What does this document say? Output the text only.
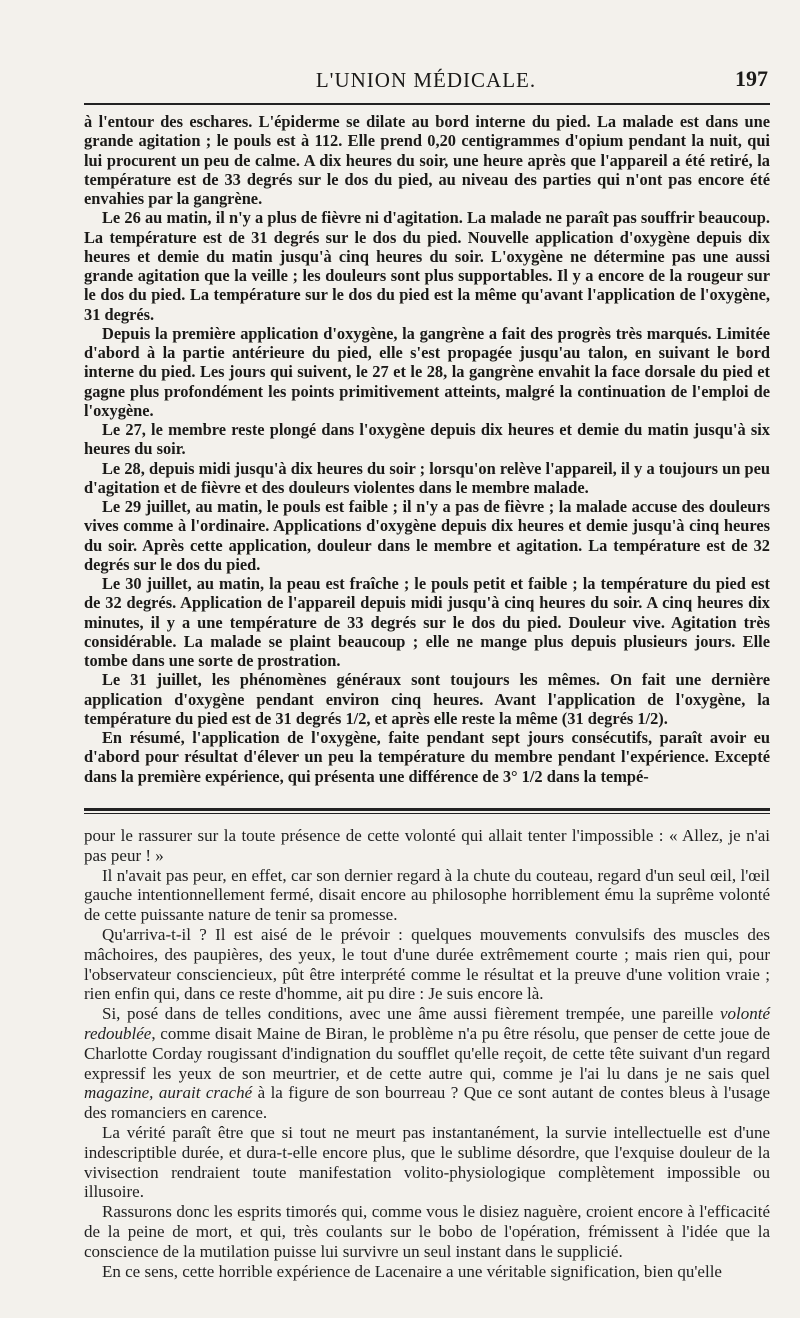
L'UNION MÉDICALE.	197

à l'entour des eschares. L'épiderme se dilate au bord interne du pied. La malade est dans une grande agitation ; le pouls est à 112. Elle prend 0,20 centigrammes d'opium pendant la nuit, qui lui procurent un peu de calme. A dix heures du soir, une heure après que l'appareil a été retiré, la température est de 33 degrés sur le dos du pied, au niveau des parties qui n'ont pas encore été envahies par la gangrène.

Le 26 au matin, il n'y a plus de fièvre ni d'agitation. La malade ne paraît pas souffrir beaucoup. La température est de 31 degrés sur le dos du pied. Nouvelle application d'oxygène depuis dix heures et demie du matin jusqu'à cinq heures du soir. L'oxygène ne détermine pas une aussi grande agitation que la veille ; les douleurs sont plus supportables. Il y a encore de la rougeur sur le dos du pied. La température sur le dos du pied est la même qu'avant l'application de l'oxygène, 31 degrés.

Depuis la première application d'oxygène, la gangrène a fait des progrès très marqués. Limitée d'abord à la partie antérieure du pied, elle s'est propagée jusqu'au talon, en suivant le bord interne du pied. Les jours qui suivent, le 27 et le 28, la gangrène envahit la face dorsale du pied et gagne plus profondément les points primitivement atteints, malgré la continuation de l'emploi de l'oxygène.

Le 27, le membre reste plongé dans l'oxygène depuis dix heures et demie du matin jusqu'à six heures du soir.

Le 28, depuis midi jusqu'à dix heures du soir ; lorsqu'on relève l'appareil, il y a toujours un peu d'agitation et de fièvre et des douleurs violentes dans le membre malade.

Le 29 juillet, au matin, le pouls est faible ; il n'y a pas de fièvre ; la malade accuse des douleurs vives comme à l'ordinaire. Applications d'oxygène depuis dix heures et demie jusqu'à cinq heures du soir. Après cette application, douleur dans le membre et agitation. La température est de 32 degrés sur le dos du pied.

Le 30 juillet, au matin, la peau est fraîche ; le pouls petit et faible ; la température du pied est de 32 degrés. Application de l'appareil depuis midi jusqu'à cinq heures du soir. A cinq heures dix minutes, il y a une température de 33 degrés sur le dos du pied. Douleur vive. Agitation très considérable. La malade se plaint beaucoup ; elle ne mange plus depuis plusieurs jours. Elle tombe dans une sorte de prostration.

Le 31 juillet, les phénomènes généraux sont toujours les mêmes. On fait une dernière application d'oxygène pendant environ cinq heures. Avant l'application de l'oxygène, la température du pied est de 31 degrés 1/2, et après elle reste la même (31 degrés 1/2).

En résumé, l'application de l'oxygène, faite pendant sept jours consécutifs, paraît avoir eu d'abord pour résultat d'élever un peu la température du membre pendant l'expérience. Excepté dans la première expérience, qui présenta une différence de 3° 1/2 dans la tempé-

pour le rassurer sur la toute présence de cette volonté qui allait tenter l'impossible : « Allez, je n'ai pas peur ! »

Il n'avait pas peur, en effet, car son dernier regard à la chute du couteau, regard d'un seul œil, l'œil gauche intentionnellement fermé, disait encore au philosophe horriblement ému la suprême volonté de cette puissante nature de tenir sa promesse.

Qu'arriva-t-il ? Il est aisé de le prévoir : quelques mouvements convulsifs des muscles des mâchoires, des paupières, des yeux, le tout d'une durée extrêmement courte ; mais rien qui, pour l'observateur consciencieux, pût être interprété comme le résultat et la preuve d'une volition vraie ; rien enfin qui, dans ce reste d'homme, ait pu dire : Je suis encore là.

Si, posé dans de telles conditions, avec une âme aussi fièrement trempée, une pareille volonté redoublée, comme disait Maine de Biran, le problème n'a pu être résolu, que penser de cette joue de Charlotte Corday rougissant d'indignation du soufflet qu'elle reçoit, de cette tête suivant d'un regard expressif les yeux de son meurtrier, et de cette autre qui, comme je l'ai lu dans je ne sais quel magazine, aurait craché à la figure de son bourreau ? Que ce sont autant de contes bleus à l'usage des romanciers en carence.

La vérité paraît être que si tout ne meurt pas instantanément, la survie intellectuelle est d'une indescriptible durée, et dura-t-elle encore plus, que le sublime désordre, que l'exquise douleur de la vivisection rendraient toute manifestation volito-physiologique complètement impossible ou illusoire.

Rassurons donc les esprits timorés qui, comme vous le disiez naguère, croient encore à l'efficacité de la peine de mort, et qui, très coulants sur le bobo de l'opération, frémissent à l'idée que la conscience de la mutilation puisse lui survivre un seul instant dans le supplicié.

En ce sens, cette horrible expérience de Lacenaire a une véritable signification, bien qu'elle
